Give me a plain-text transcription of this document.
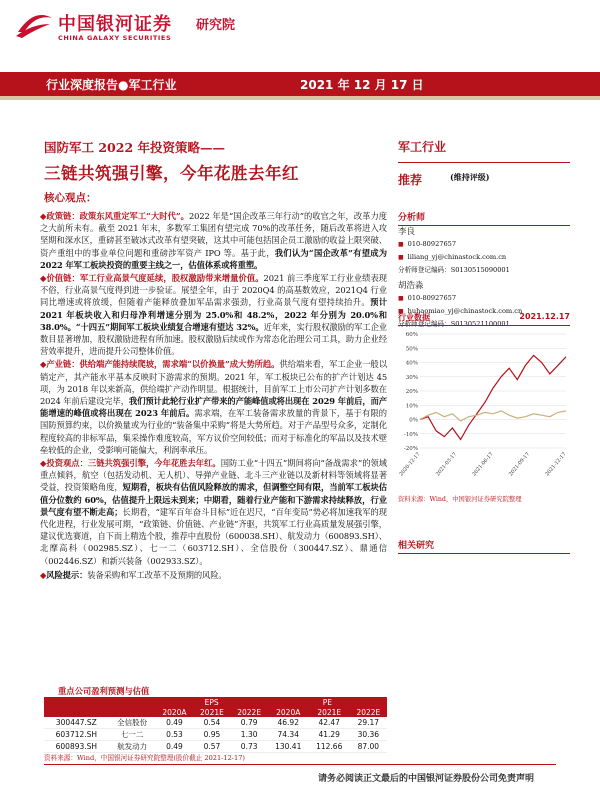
中国银河证券
CHINA GALAXY SECURITIES
研究院
行业深度报告●军工行业	2021 年 12 月 17 日
国防军工 2022 年投资策略——
三链共筑强引擎，今年花胜去年红
核心观点：

◆政策链：政策东风重定军工“大时代”。2022 年是“国企改革三年行动”的收官之年，改革力度之大前所未有。截至 2021 年末，多数军工集团有望完成 70%的改革任务，随后改革将进入攻坚期和深水区，重磅甚至破冰式改革有望突破，这其中可能包括国企员工激励的收益上限突破、资产重组中的事业单位问题和重磅涉军资产 IPO 等。基于此，我们认为“国企改革”有望成为 2022 年军工板块投资的重要主线之一，估值体系或将重塑。

◆价值链：军工行业高景气度延续，股权激励带来增量价值。2021 前三季度军工行业业绩表现不俗，行业高景气度得到进一步验证。展望全年，由于 2020Q4 的高基数效应，2021Q4 行业同比增速或将放缓，但随着产能释放叠加军品需求强劲，行业高景气度有望持续抬升。预计 2021 年板块收入和归母净利增速分别为 25.0%和 48.2%，2022 年分别为 20.0%和 38.0%。“十四五”期间军工板块业绩复合增速有望达 32%。近年来，实行股权激励的军工企业数目显著增加，股权激励进程有所加速。股权激励后续或作为常态化治理公司工具，助力企业经营效率提升，进而提升公司整体价值。

◆产业链：供给端产能持续爬坡，需求端“以价换量”成大势所趋。供给端来看，军工企业一般以销定产，其产能水平基本反映时下游需求的预期。2021 年，军工板块已公布的扩产计划达 45 项，为 2018 年以来新高，供给端扩产动作明显。根据统计，目前军工上市公司扩产计划多数在 2024 年前后建设完毕，我们预计此轮行业扩产带来的产能峰值或将出现在 2029 年前后，而产能增速的峰值或将出现在 2023 年前后。需求端，在军工装备需求放量的背景下，基于有限的国防预算约束，以价换量或为行业的“装备集中采购”将是大势所趋。对于产品型号众多，定制化程度较高的非标军品，集采操作难度较高，军方议价空间较低；而对于标准化的军品以及技术壁垒较低的企业，受影响可能偏大，利润率承压。

◆投资观点：三链共筑强引擎，今年花胜去年红。国防工业“十四五”期间将向“备战需求”的领域重点倾斜，航空（包括发动机、无人机）、导弹产业链、北斗三产业链以及新材料等领域将显著受益，投资策略角度，短期看，板块有估值风险释放的需求，但调整空间有限，当前军工板块估值分位数约 60%，估值提升上限远未到来；中期看，随着行业产能和下游需求持续释放，行业景气度有望不断走高；长期看，“建军百年奋斗目标”近在迟尺，“百年变局”势必将加速我军的现代化进程，行业发展可期，“政策链、价值链、产业链”齐驱，共筑军工行业高质量发展强引擎，建议优选赛道，自下而上精选个股，推荐中直股份（600038.SH）、航发动力（600893.SH）、北摩高科（002985.SZ）、七一二（603712.SH）、全信股份（300447.SZ）、鼎通信（002446.SZ）和新兴装备（002933.SZ）。

◆风险提示：装备采购和军工改革不及预期的风险。

重点公司盈利预测与估值
		EPS			PE		
		2020A	2021E	2022E	2020A	2021E	2022E
300447.SZ	全信股份	0.49	0.54	0.79	46.92	42.47	29.17
603712.SH	七一二	0.53	0.95	1.30	74.34	41.29	30.36
600893.SH	航发动力	0.49	0.57	0.73	130.41	112.66	87.00
资料来源：Wind，中国银河证券研究院整理(股价截止 2021-12-17)
请务必阅读正文最后的中国银河证券股份公司免责声明
军工行业
推荐	(维持评级)
分析师
李良
■ 010-80927657
■ liliang_yj@chinastock.com.cn
分析师登记编码：S0130515090001
胡浩淼
■ 010-80927657
■ huhaomiao_yj@chinastock.com.cn
分析师登记编码：S0130521100001
行业数据	2021.12.17
60%
50%
40%
30%
20%
10%
0%
-10%
-20%
2020-12-17	2021-03-17	2021-06-17	2021-09-17	2021-12-17
资料来源：Wind，中国银河证券研究院整理
相关研究
